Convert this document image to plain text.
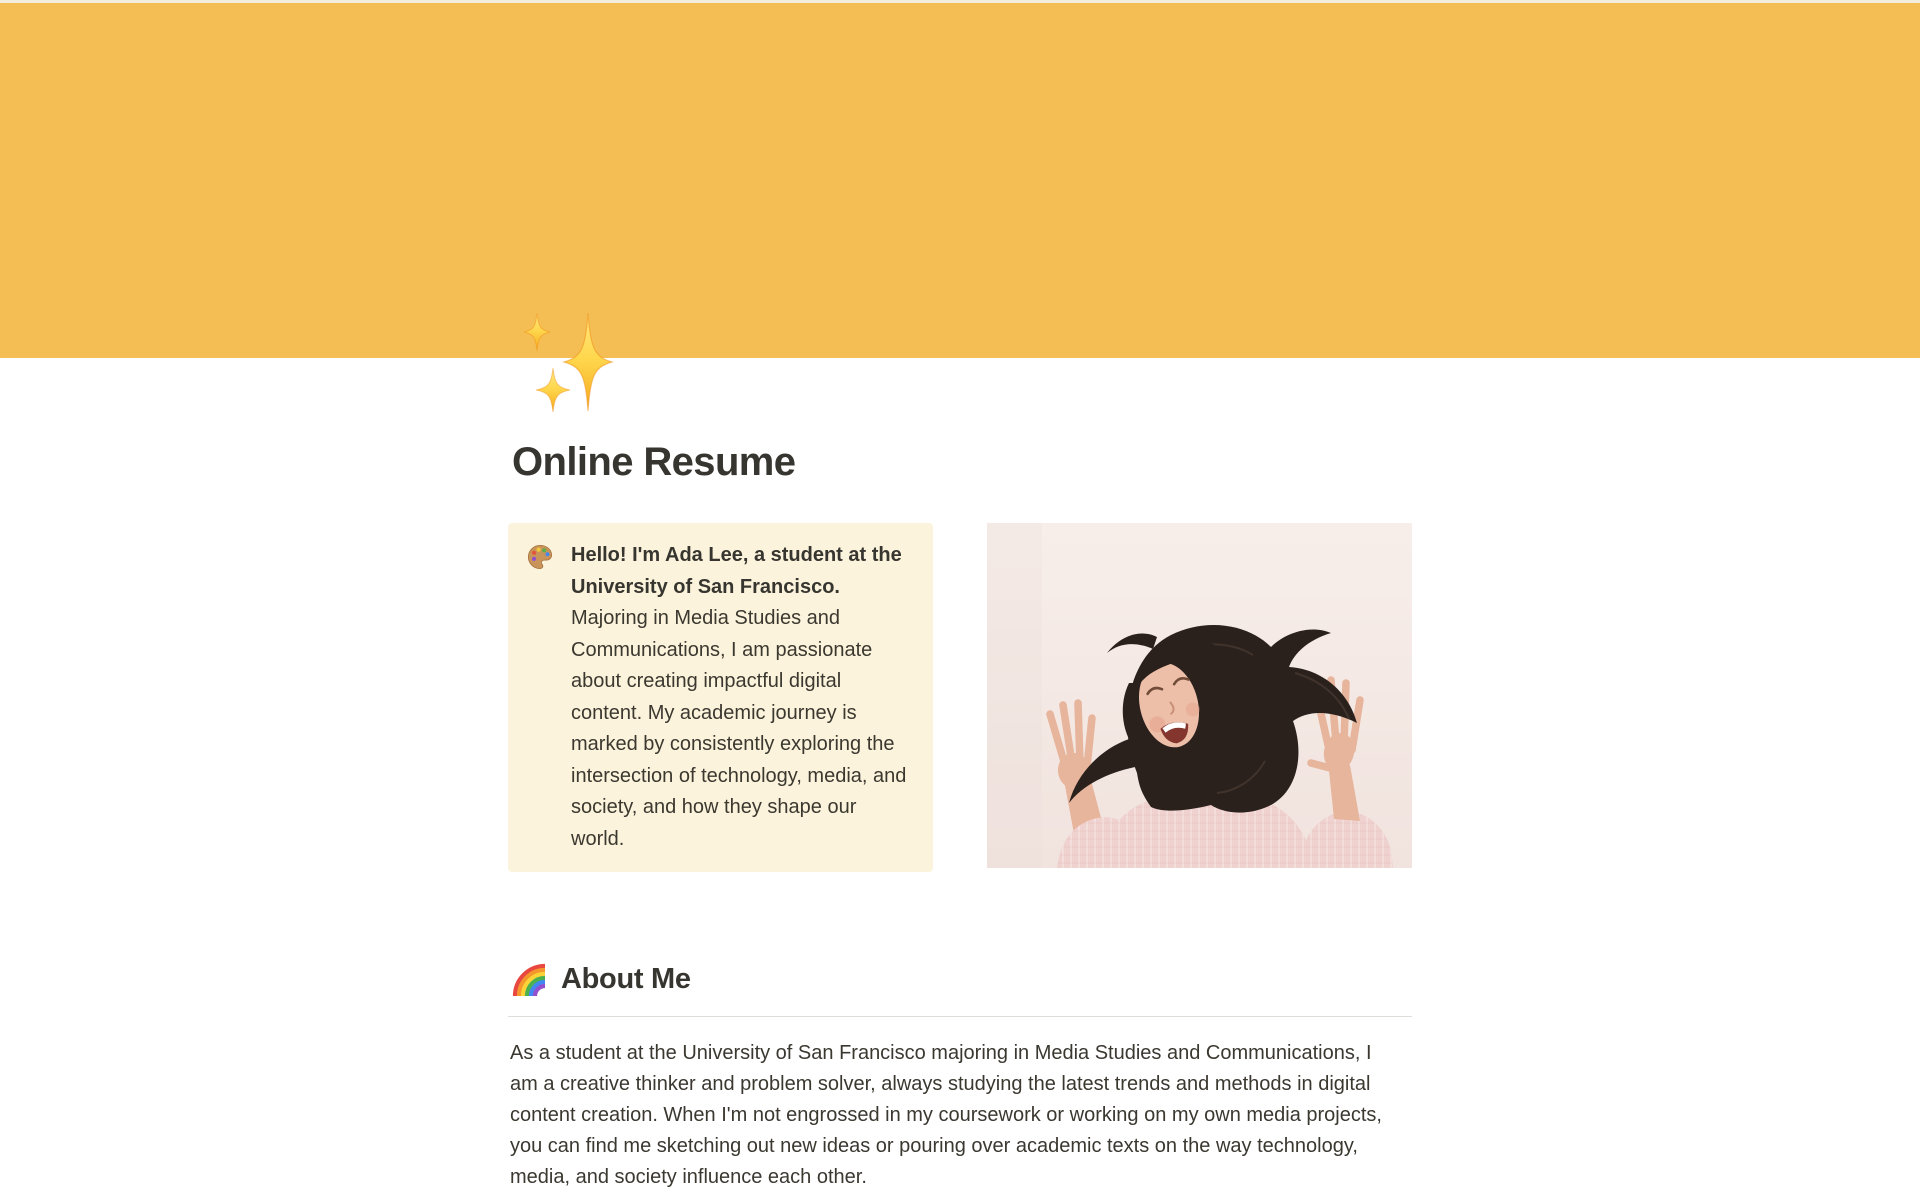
Online Resume
Hello! I'm Ada Lee, a student at the University of San Francisco. Majoring in Media Studies and Communications, I am passionate about creating impactful digital content. My academic journey is marked by consistently exploring the intersection of technology, media, and society, and how they shape our world.
About Me

As a student at the University of San Francisco majoring in Media Studies and Communications, I am a creative thinker and problem solver, always studying the latest trends and methods in digital content creation. When I'm not engrossed in my coursework or working on my own media projects, you can find me sketching out new ideas or pouring over academic texts on the way technology, media, and society influence each other.
